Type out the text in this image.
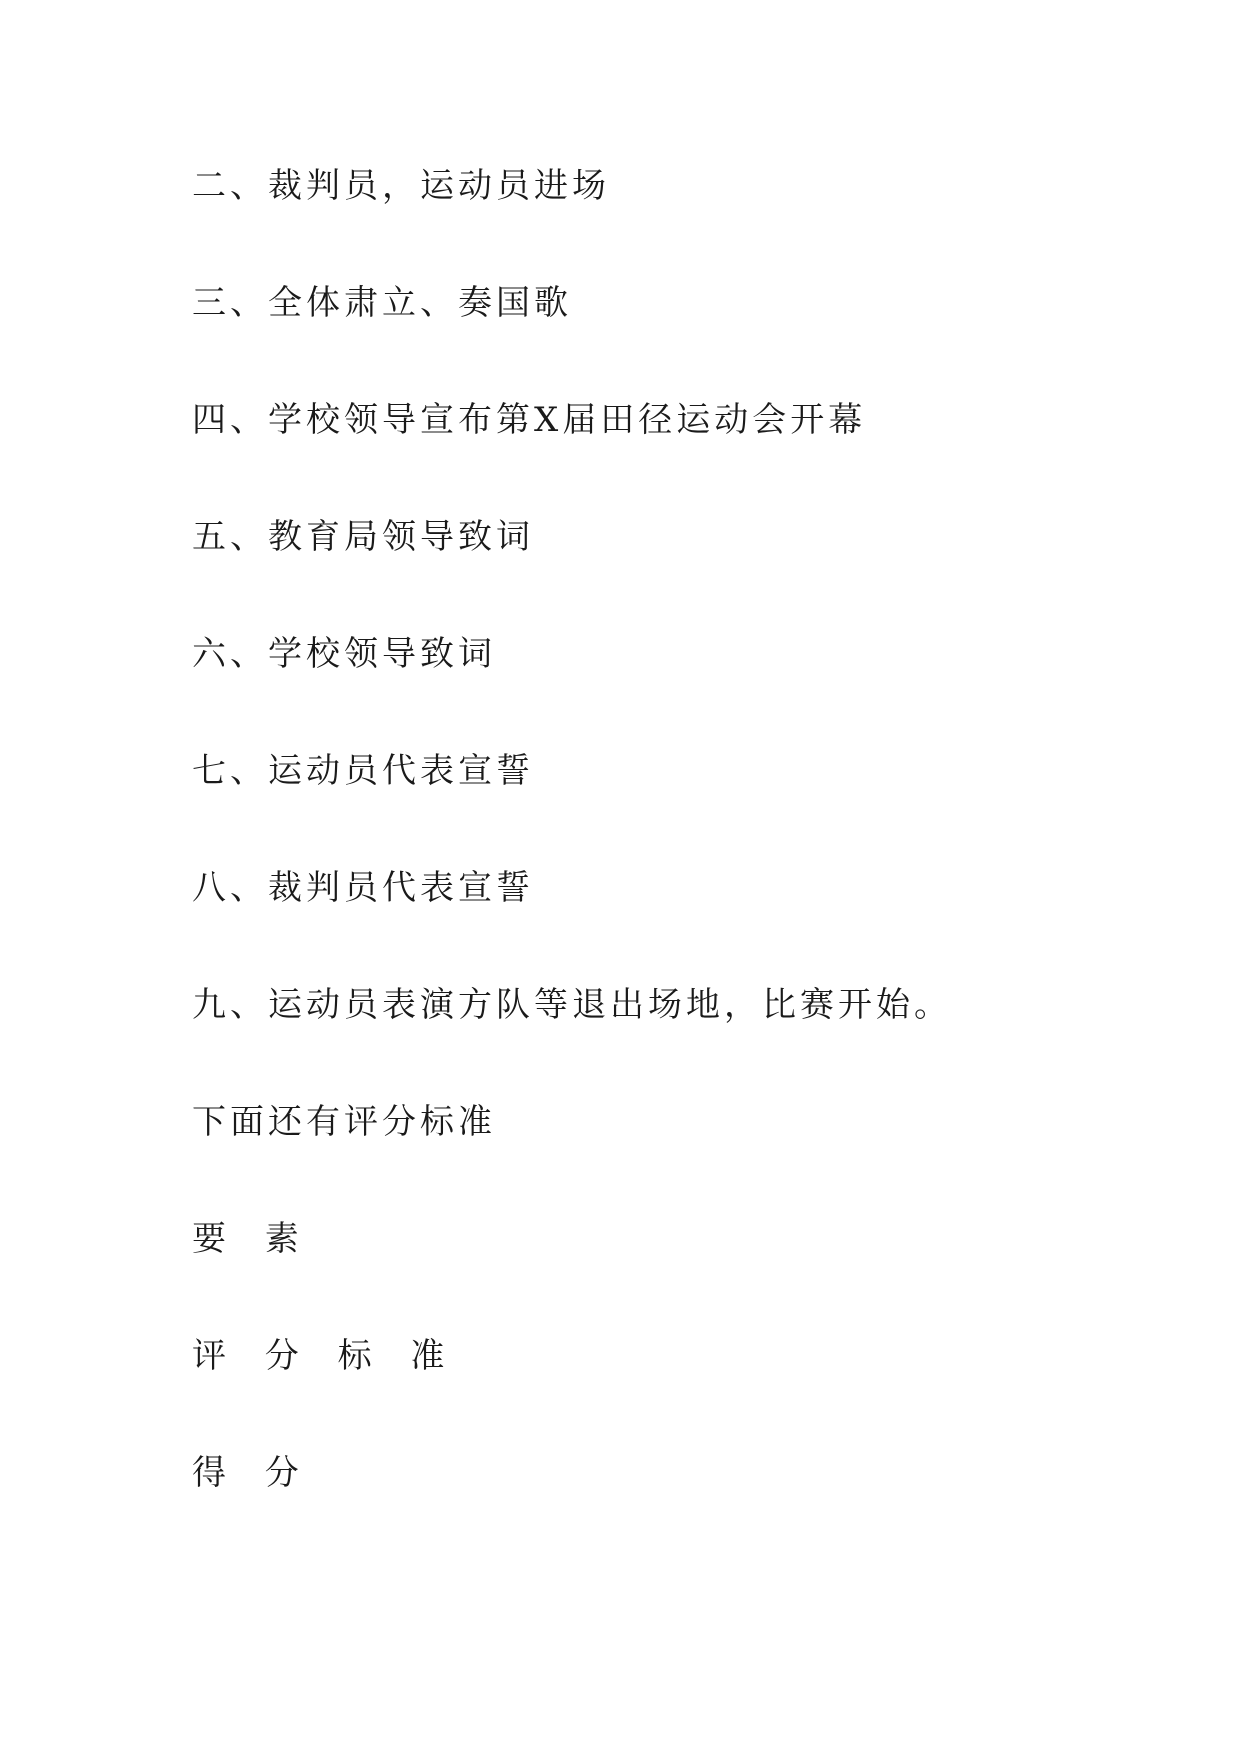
二、裁判员，运动员进场
三、全体肃立、奏国歌
四、学校领导宣布第X届田径运动会开幕
五、教育局领导致词
六、学校领导致词
七、运动员代表宣誓
八、裁判员代表宣誓
九、运动员表演方队等退出场地，比赛开始。
下面还有评分标准
要 素
评 分 标 准
得 分
